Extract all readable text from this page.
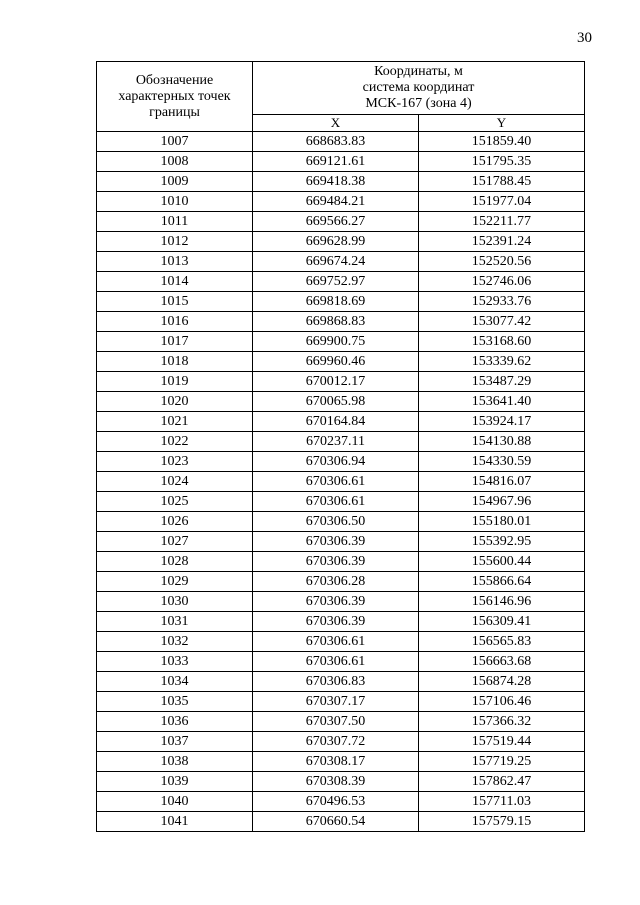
30
Обозначение
характерных точек
границы	Координаты, м
система координат
МСК-167 (зона 4)	

	X	Y
1007	668683.83	151859.40
1008	669121.61	151795.35
1009	669418.38	151788.45
1010	669484.21	151977.04
1011	669566.27	152211.77
1012	669628.99	152391.24
1013	669674.24	152520.56
1014	669752.97	152746.06
1015	669818.69	152933.76
1016	669868.83	153077.42
1017	669900.75	153168.60
1018	669960.46	153339.62
1019	670012.17	153487.29
1020	670065.98	153641.40
1021	670164.84	153924.17
1022	670237.11	154130.88
1023	670306.94	154330.59
1024	670306.61	154816.07
1025	670306.61	154967.96
1026	670306.50	155180.01
1027	670306.39	155392.95
1028	670306.39	155600.44
1029	670306.28	155866.64
1030	670306.39	156146.96
1031	670306.39	156309.41
1032	670306.61	156565.83
1033	670306.61	156663.68
1034	670306.83	156874.28
1035	670307.17	157106.46
1036	670307.50	157366.32
1037	670307.72	157519.44
1038	670308.17	157719.25
1039	670308.39	157862.47
1040	670496.53	157711.03
1041	670660.54	157579.15
